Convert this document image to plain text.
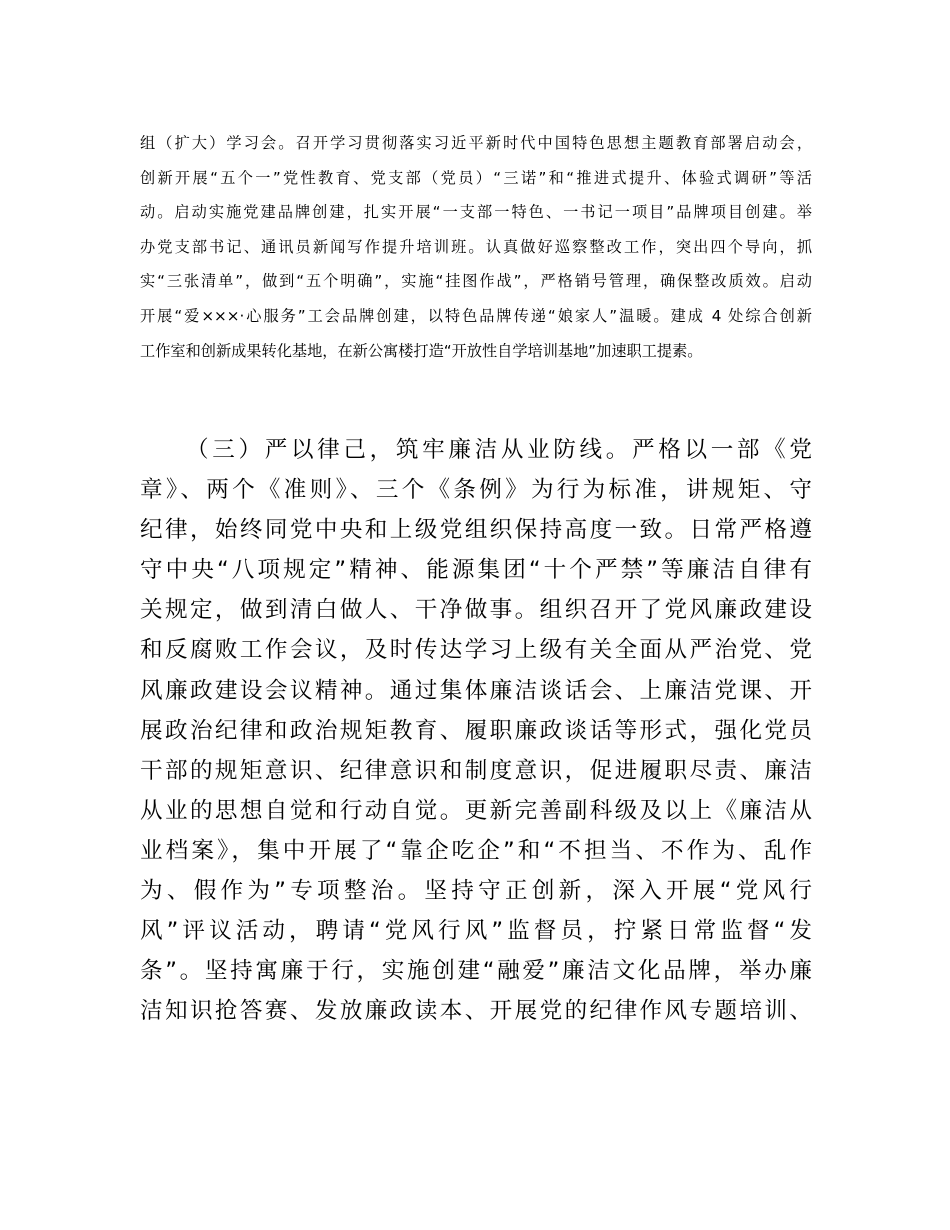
组（扩大）学习会。召开学习贯彻落实习近平新时代中国特色思想主题教育部署启动会，
创新开展“五个一”党性教育、党支部（党员）“三诺”和“推进式提升、体验式调研”等活
动。启动实施党建品牌创建，扎实开展“一支部一特色、一书记一项目”品牌项目创建。举
办党支部书记、通讯员新闻写作提升培训班。认真做好巡察整改工作，突出四个导向，抓
实“三张清单”，做到“五个明确”，实施“挂图作战”，严格销号管理，确保整改质效。启动
开展“爱×××·心服务”工会品牌创建，以特色品牌传递“娘家人”温暖。建成 4 处综合创新
工作室和创新成果转化基地，在新公寓楼打造“开放性自学培训基地”加速职工提素。
（三）严以律己，筑牢廉洁从业防线。严格以一部《党
章》、两个《准则》、三个《条例》为行为标准，讲规矩、守
纪律，始终同党中央和上级党组织保持高度一致。日常严格遵
守中央“八项规定”精神、能源集团“十个严禁”等廉洁自律有
关规定，做到清白做人、干净做事。组织召开了党风廉政建设
和反腐败工作会议，及时传达学习上级有关全面从严治党、党
风廉政建设会议精神。通过集体廉洁谈话会、上廉洁党课、开
展政治纪律和政治规矩教育、履职廉政谈话等形式，强化党员
干部的规矩意识、纪律意识和制度意识，促进履职尽责、廉洁
从业的思想自觉和行动自觉。更新完善副科级及以上《廉洁从
业档案》，集中开展了“靠企吃企”和“不担当、不作为、乱作
为、假作为”专项整治。坚持守正创新，深入开展“党风行
风”评议活动，聘请“党风行风”监督员，拧紧日常监督“发
条”。坚持寓廉于行，实施创建“融爱”廉洁文化品牌，举办廉
洁知识抢答赛、发放廉政读本、开展党的纪律作风专题培训、
